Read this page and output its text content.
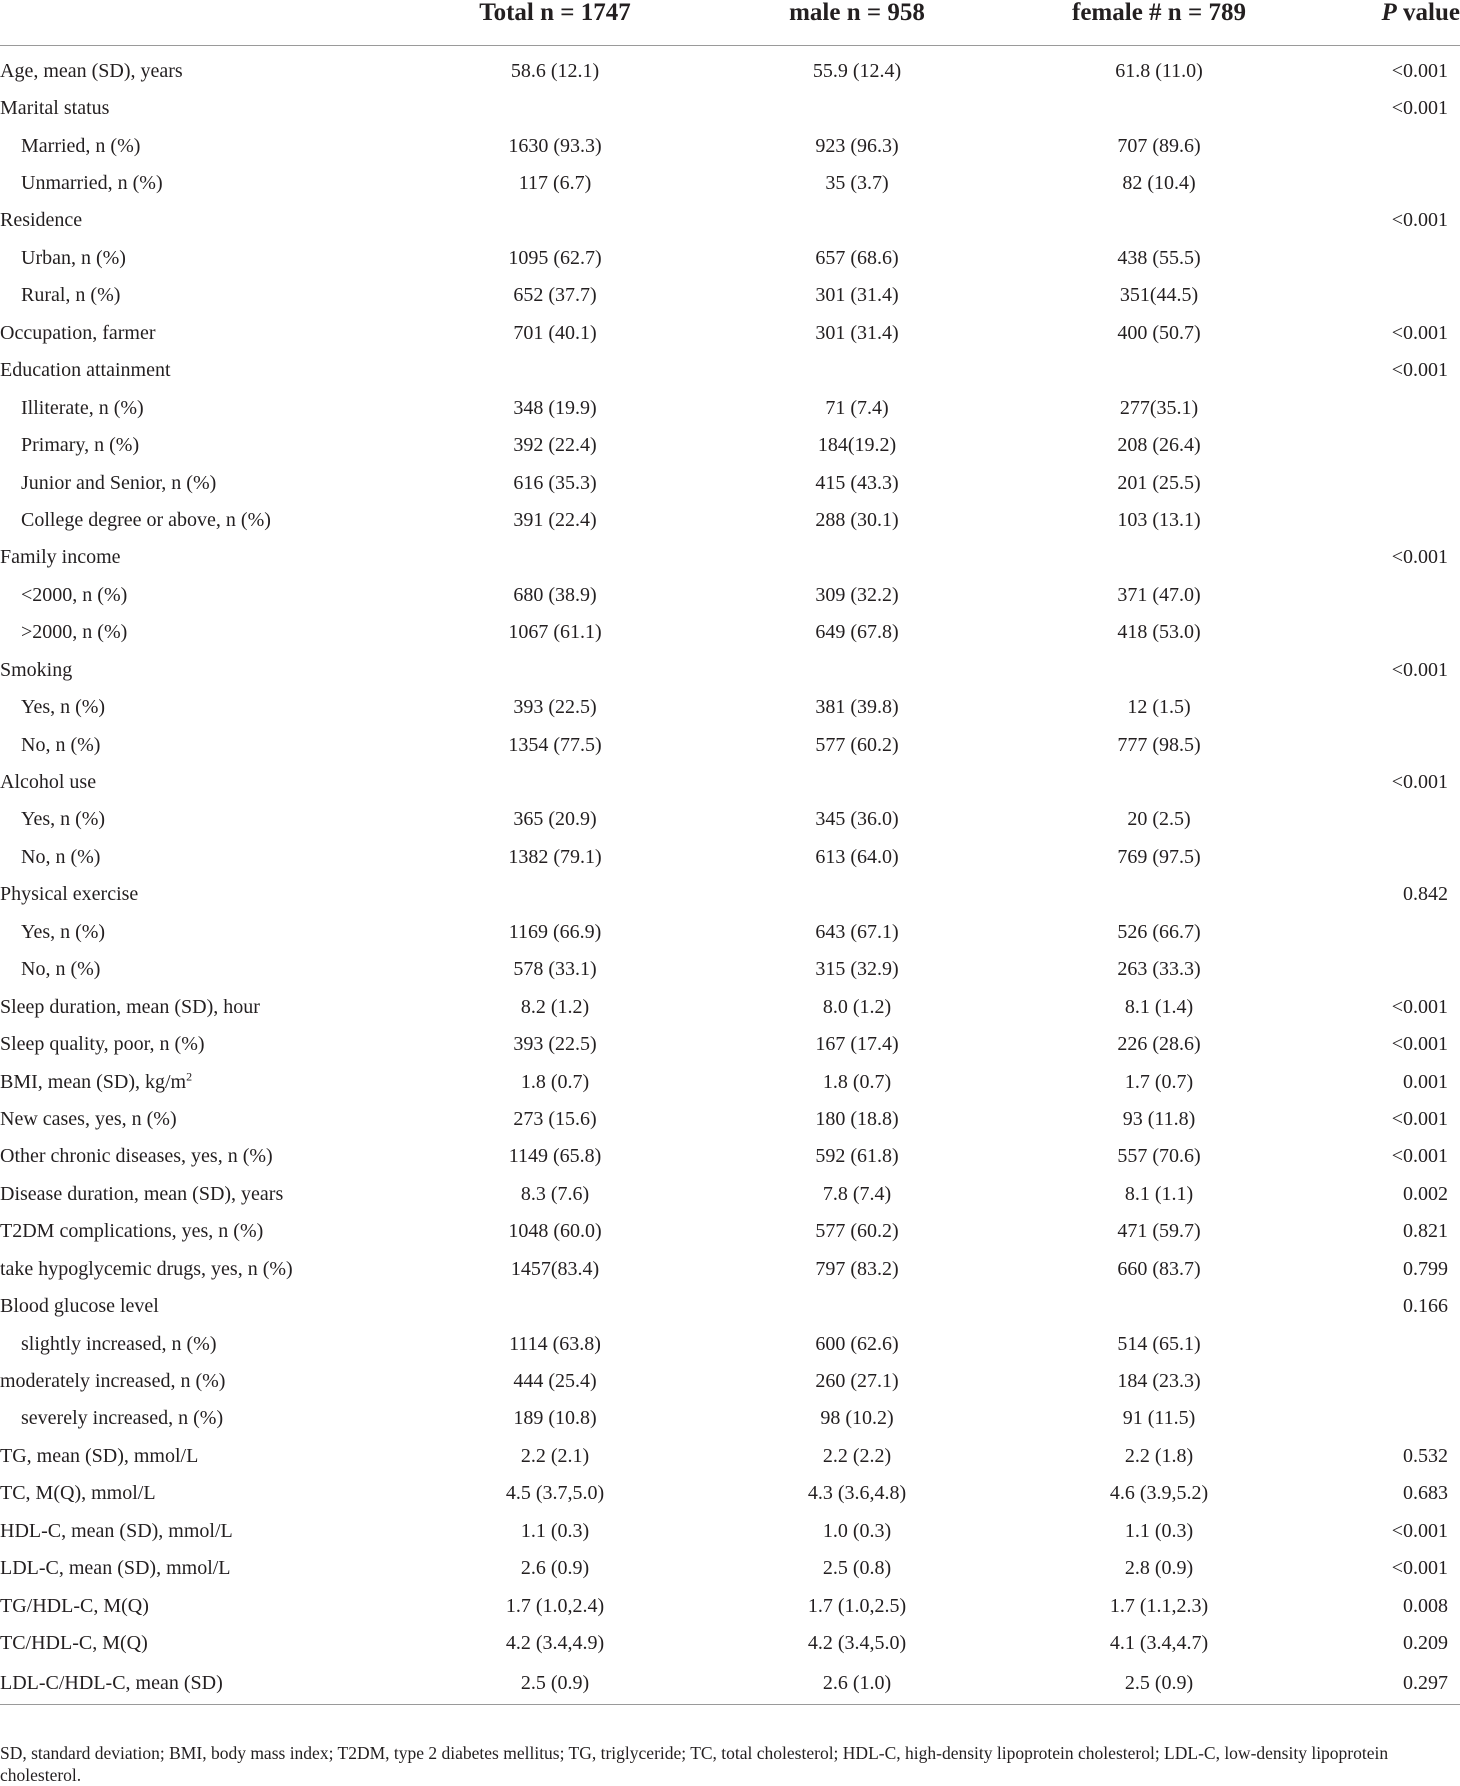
	Total n = 1747	male n = 958	female # n = 789	P value
Age, mean (SD), years	58.6 (12.1)	55.9 (12.4)	61.8 (11.0)	<0.001
Marital status				<0.001
Married, n (%)	1630 (93.3)	923 (96.3)	707 (89.6)	
Unmarried, n (%)	117 (6.7)	35 (3.7)	82 (10.4)	
Residence				<0.001
Urban, n (%)	1095 (62.7)	657 (68.6)	438 (55.5)	
Rural, n (%)	652 (37.7)	301 (31.4)	351(44.5)	
Occupation, farmer	701 (40.1)	301 (31.4)	400 (50.7)	<0.001
Education attainment				<0.001
Illiterate, n (%)	348 (19.9)	71 (7.4)	277(35.1)	
Primary, n (%)	392 (22.4)	184(19.2)	208 (26.4)	
Junior and Senior, n (%)	616 (35.3)	415 (43.3)	201 (25.5)	
College degree or above, n (%)	391 (22.4)	288 (30.1)	103 (13.1)	
Family income				<0.001
<2000, n (%)	680 (38.9)	309 (32.2)	371 (47.0)	
>2000, n (%)	1067 (61.1)	649 (67.8)	418 (53.0)	
Smoking				<0.001
Yes, n (%)	393 (22.5)	381 (39.8)	12 (1.5)	
No, n (%)	1354 (77.5)	577 (60.2)	777 (98.5)	
Alcohol use				<0.001
Yes, n (%)	365 (20.9)	345 (36.0)	20 (2.5)	
No, n (%)	1382 (79.1)	613 (64.0)	769 (97.5)	
Physical exercise				0.842
Yes, n (%)	1169 (66.9)	643 (67.1)	526 (66.7)	
No, n (%)	578 (33.1)	315 (32.9)	263 (33.3)	
Sleep duration, mean (SD), hour	8.2 (1.2)	8.0 (1.2)	8.1 (1.4)	<0.001
Sleep quality, poor, n (%)	393 (22.5)	167 (17.4)	226 (28.6)	<0.001
BMI, mean (SD), $kg/m^2$	1.8 (0.7)	1.8 (0.7)	1.7 (0.7)	0.001
New cases, yes, n (%)	273 (15.6)	180 (18.8)	93 (11.8)	<0.001
Other chronic diseases, yes, n (%)	1149 (65.8)	592 (61.8)	557 (70.6)	<0.001
Disease duration, mean (SD), years	8.3 (7.6)	7.8 (7.4)	8.1 (1.1)	0.002
T2DM complications, yes, n (%)	1048 (60.0)	577 (60.2)	471 (59.7)	0.821
take hypoglycemic drugs, yes, n (%)	1457(83.4)	797 (83.2)	660 (83.7)	0.799
Blood glucose level				0.166
slightly increased, n (%)	1114 (63.8)	600 (62.6)	514 (65.1)	
moderately increased, n (%)	444 (25.4)	260 (27.1)	184 (23.3)	
severely increased, n (%)	189 (10.8)	98 (10.2)	91 (11.5)	
TG, mean (SD), mmol/L	2.2 (2.1)	2.2 (2.2)	2.2 (1.8)	0.532
TC, M(Q), mmol/L	4.5 (3.7,5.0)	4.3 (3.6,4.8)	4.6 (3.9,5.2)	0.683
HDL-C, mean (SD), mmol/L	1.1 (0.3)	1.0 (0.3)	1.1 (0.3)	<0.001
LDL-C, mean (SD), mmol/L	2.6 (0.9)	2.5 (0.8)	2.8 (0.9)	<0.001
TG/HDL-C, M(Q)	1.7 (1.0,2.4)	1.7 (1.0,2.5)	1.7 (1.1,2.3)	0.008
TC/HDL-C, M(Q)	4.2 (3.4,4.9)	4.2 (3.4,5.0)	4.1 (3.4,4.7)	0.209
LDL-C/HDL-C, mean (SD)	2.5 (0.9)	2.6 (1.0)	2.5 (0.9)	0.297
SD, standard deviation; BMI, body mass index; T2DM, type 2 diabetes mellitus; TG, triglyceride; TC, total cholesterol; HDL-C, high-density lipoprotein cholesterol; LDL-C, low-density lipoprotein cholesterol.
